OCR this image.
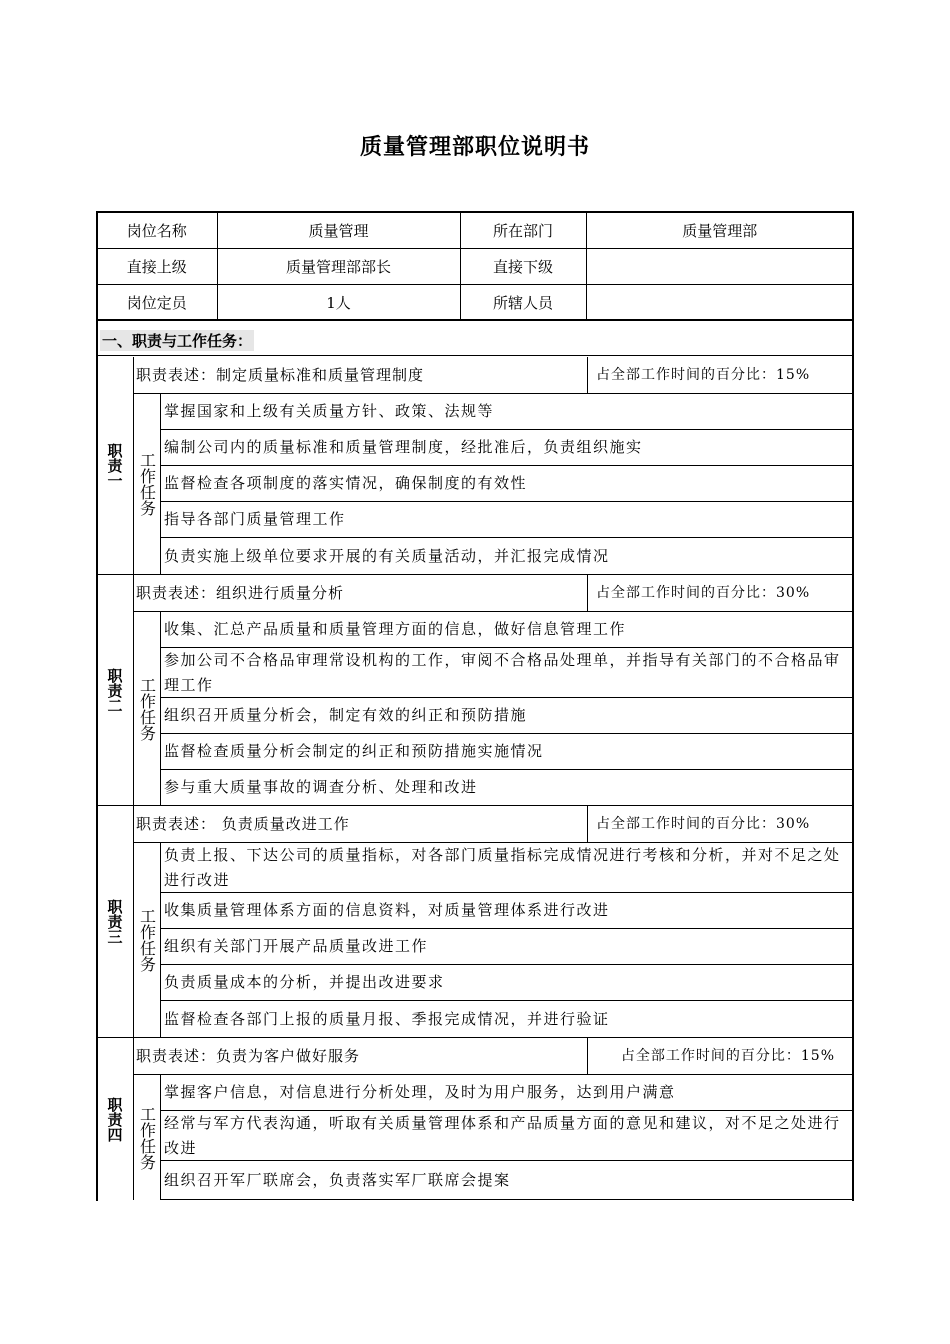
质量管理部职位说明书
岗位名称	质量管理	所在部门	质量管理部
直接上级	质量管理部部长	直接下级	
岗位定员	1人	所辖人员	
一、职责与工作任务：
职责一
职责表述：制定质量标准和质量管理制度	占全部工作时间的百分比：15%
工作任务
掌握国家和上级有关质量方针、政策、法规等
编制公司内的质量标准和质量管理制度，经批准后，负责组织施实
监督检查各项制度的落实情况，确保制度的有效性
指导各部门质量管理工作
负责实施上级单位要求开展的有关质量活动，并汇报完成情况
职责二
职责表述：组织进行质量分析	占全部工作时间的百分比：30%
工作任务
收集、汇总产品质量和质量管理方面的信息，做好信息管理工作
参加公司不合格品审理常设机构的工作，审阅不合格品处理单，并指导有关部门的不合格品审理工作
组织召开质量分析会，制定有效的纠正和预防措施
监督检查质量分析会制定的纠正和预防措施实施情况
参与重大质量事故的调查分析、处理和改进
职责三
职责表述： 负责质量改进工作	占全部工作时间的百分比：30%
工作任务
负责上报、下达公司的质量指标，对各部门质量指标完成情况进行考核和分析，并对不足之处进行改进
收集质量管理体系方面的信息资料，对质量管理体系进行改进
组织有关部门开展产品质量改进工作
负责质量成本的分析，并提出改进要求
监督检查各部门上报的质量月报、季报完成情况，并进行验证
职责四
职责表述：负责为客户做好服务	占全部工作时间的百分比：15%
工作任务
掌握客户信息，对信息进行分析处理，及时为用户服务，达到用户满意
经常与军方代表沟通，听取有关质量管理体系和产品质量方面的意见和建议，对不足之处进行改进
组织召开军厂联席会，负责落实军厂联席会提案
